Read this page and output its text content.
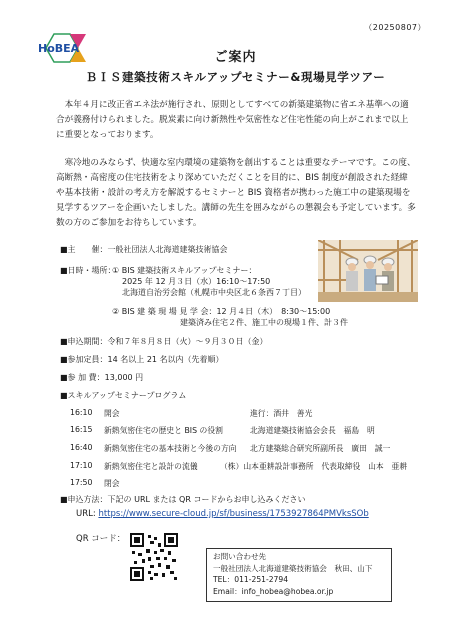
（20250807）
HoBEA
ご案内
ＢＩＳ建築技術スキルアップセミナー&現場見学ツアー

本年４月に改正省エネ法が施行され、原則としてすべての新築建築物に省エネ基準への適合が義務付けられました。脱炭素に向け新熱性や気密性など住宅性能の向上がこれまで以上に重要となっております。

寒冷地のみならず、快適な室内環境の建築物を創出することは重要なテーマです。この度、高断熱・高密度の住宅技術をより深めていただくことを目的に、BIS 制度が創設された経緯や基本技術・設計の考え方を解説するセミナーと BIS 資格者が携わった施工中の建築現場を見学するツアーを企画いたしました。講師の先生を囲みながらの懇親会も予定しています。多数の方のご参加をお待ちしています。

■主　　催：一般社団法人北海道建築技術協会
■日時・場所：
① BIS 建築技術スキルアップセミナー：
2025 年 12 月３日（水）16:10～17:50
北海道自治労会館（札幌市中央区北６条西７丁目）
② BIS 建 築 現 場 見 学 会：12 月４日（木）　8:30～15:00
建築済み住宅２件、施工中の現場１件、計３件
■申込期間：令和７年８月８日（火）～９月３０日（金）
■参加定員：14 名以上 21 名以内（先着順）
■参 加 費：13,000 円
■スキルアップセミナープログラム
16:10 開会	進行：酒井　善光
16:15 新熱気密住宅の歴史と BIS の役割	北海道建築技術協会会長　福島　明
16:40 新熱気密住宅の基本技術と今後の方向 北方建築総合研究所副所長　廣田　誠一
17:10 新熱気密住宅と設計の流儀	（株）山本亜耕設計事務所　代表取締役　山本　亜耕
17:50 閉会
■申込方法：下記の URL または QR コードからお申し込みください
URL: https://www.secure-cloud.jp/sf/business/1753927864PMVksSOb
QR コード：
お問い合わせ先
一般社団法人北海道建築技術協会　秋田、山下
TEL：011-251-2794
Email：info_hobea@hobea.or.jp
